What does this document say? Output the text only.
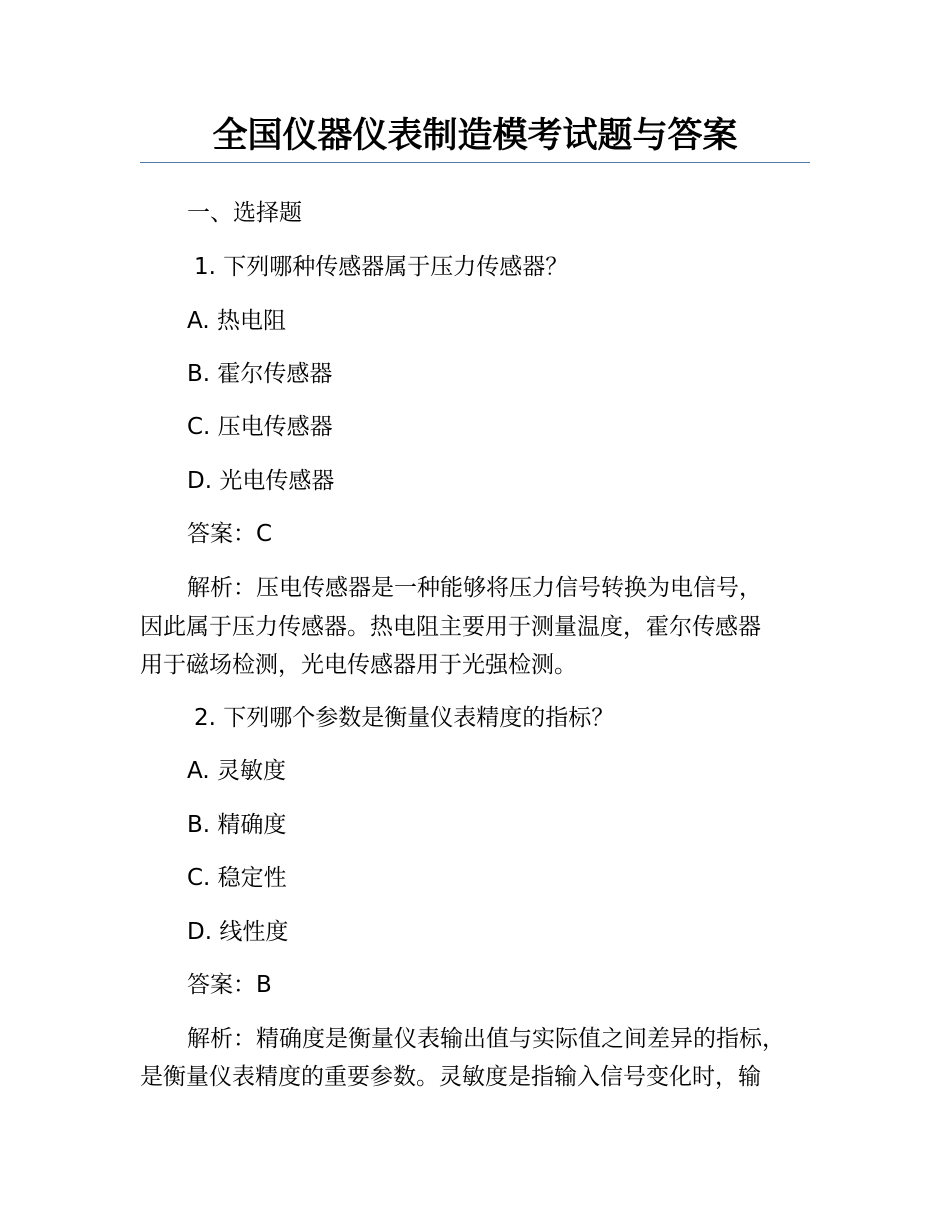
全国仪器仪表制造模考试题与答案
一、选择题
1. 下列哪种传感器属于压力传感器？
A. 热电阻
B. 霍尔传感器
C. 压电传感器
D. 光电传感器
答案：C
解析：压电传感器是一种能够将压力信号转换为电信号，
因此属于压力传感器。热电阻主要用于测量温度，霍尔传感器
用于磁场检测，光电传感器用于光强检测。
2. 下列哪个参数是衡量仪表精度的指标？
A. 灵敏度
B. 精确度
C. 稳定性
D. 线性度
答案：B
解析：精确度是衡量仪表输出值与实际值之间差异的指标，
是衡量仪表精度的重要参数。灵敏度是指输入信号变化时，输
